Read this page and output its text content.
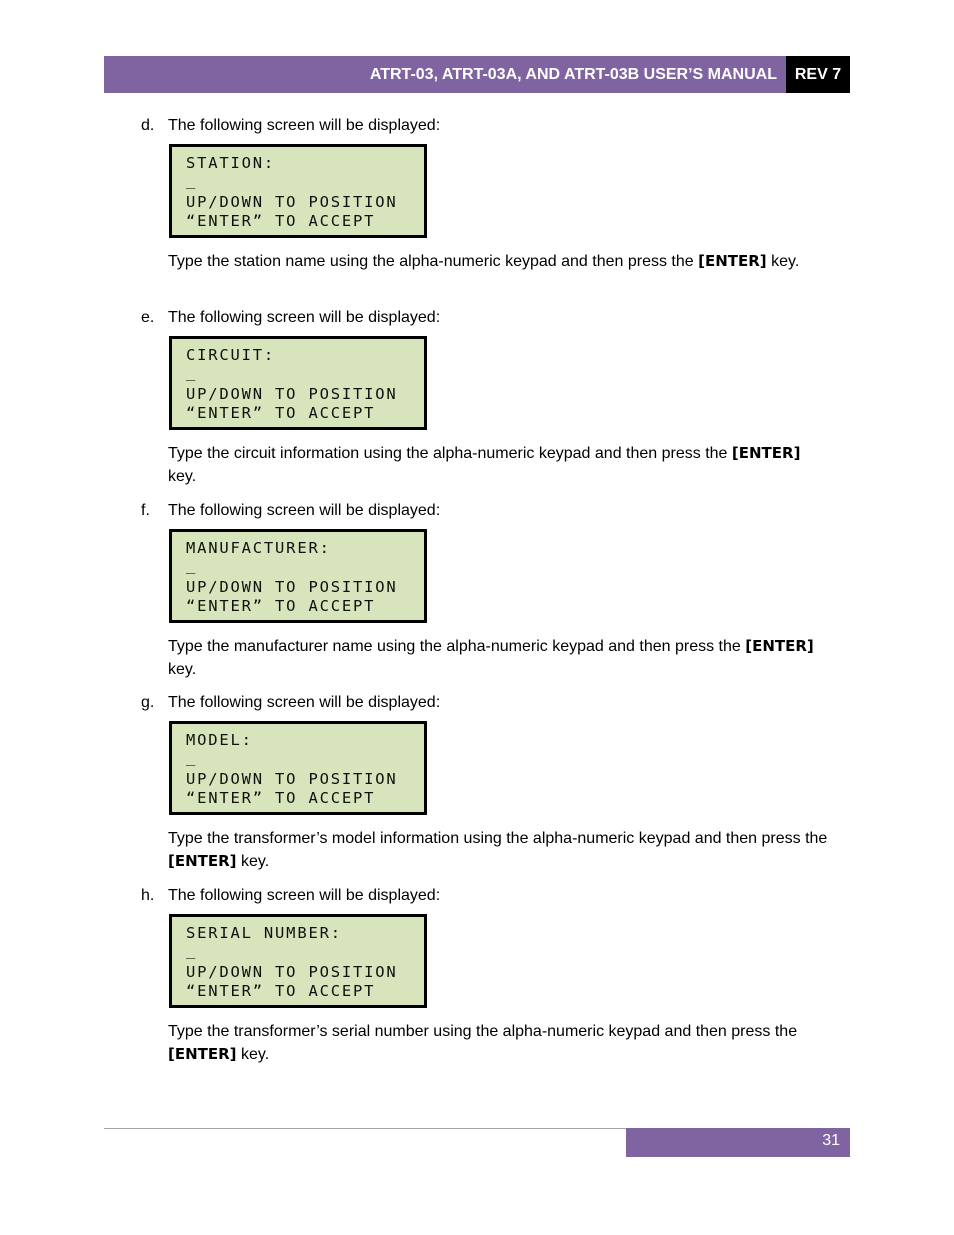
ATRT-03, ATRT-03A, AND ATRT-03B USER’S MANUAL	REV 7
d. The following screen will be displayed:
STATION:
_
UP/DOWN TO POSITION
“ENTER” TO ACCEPT
Type the station name using the alpha-numeric keypad and then press the [ENTER] key.
e. The following screen will be displayed:
CIRCUIT:
_
UP/DOWN TO POSITION
“ENTER” TO ACCEPT
Type the circuit information using the alpha-numeric keypad and then press the [ENTER] key.
f. The following screen will be displayed:
MANUFACTURER:
_
UP/DOWN TO POSITION
“ENTER” TO ACCEPT
Type the manufacturer name using the alpha-numeric keypad and then press the [ENTER] key.
g. The following screen will be displayed:
MODEL:
_
UP/DOWN TO POSITION
“ENTER” TO ACCEPT
Type the transformer’s model information using the alpha-numeric keypad and then press the [ENTER] key.
h. The following screen will be displayed:
SERIAL NUMBER:
_
UP/DOWN TO POSITION
“ENTER” TO ACCEPT
Type the transformer’s serial number using the alpha-numeric keypad and then press the [ENTER] key.
31
